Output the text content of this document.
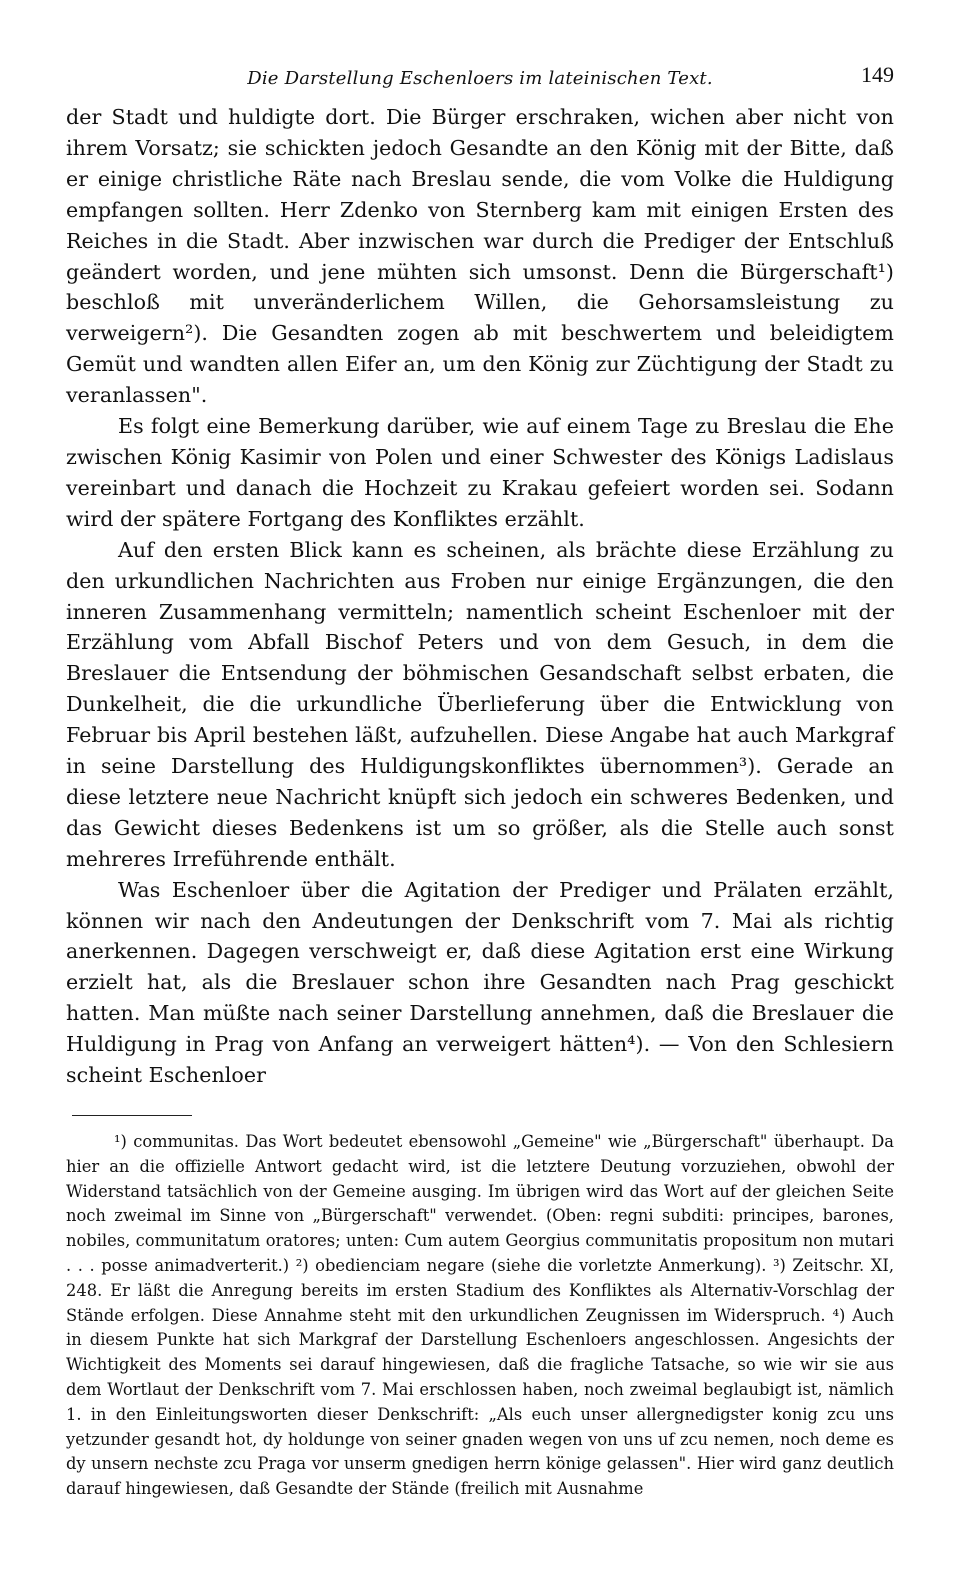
Die Darstellung Eschenloers im lateinischen Text.	149

der Stadt und huldigte dort. Die Bürger erschraken, wichen aber nicht von ihrem Vorsatz; sie schickten jedoch Gesandte an den König mit der Bitte, daß er einige christliche Räte nach Breslau sende, die vom Volke die Huldigung empfangen sollten. Herr Zdenko von Sternberg kam mit einigen Ersten des Reiches in die Stadt. Aber inzwischen war durch die Prediger der Entschluß geändert worden, und jene mühten sich umsonst. Denn die Bürgerschaft¹) beschloß mit unveränderlichem Willen, die Gehorsamsleistung zu verweigern²). Die Gesandten zogen ab mit beschwertem und beleidigtem Gemüt und wandten allen Eifer an, um den König zur Züchtigung der Stadt zu veranlassen".

Es folgt eine Bemerkung darüber, wie auf einem Tage zu Breslau die Ehe zwischen König Kasimir von Polen und einer Schwester des Königs Ladislaus vereinbart und danach die Hochzeit zu Krakau gefeiert worden sei. Sodann wird der spätere Fortgang des Konfliktes erzählt.

Auf den ersten Blick kann es scheinen, als brächte diese Erzählung zu den urkundlichen Nachrichten aus Froben nur einige Ergänzungen, die den inneren Zusammenhang vermitteln; namentlich scheint Eschenloer mit der Erzählung vom Abfall Bischof Peters und von dem Gesuch, in dem die Breslauer die Entsendung der böhmischen Gesandschaft selbst erbaten, die Dunkelheit, die die urkundliche Überlieferung über die Entwicklung von Februar bis April bestehen läßt, aufzuhellen. Diese Angabe hat auch Markgraf in seine Darstellung des Huldigungskonfliktes übernommen³). Gerade an diese letztere neue Nachricht knüpft sich jedoch ein schweres Bedenken, und das Gewicht dieses Bedenkens ist um so größer, als die Stelle auch sonst mehreres Irreführende enthält.

Was Eschenloer über die Agitation der Prediger und Prälaten erzählt, können wir nach den Andeutungen der Denkschrift vom 7. Mai als richtig anerkennen. Dagegen verschweigt er, daß diese Agitation erst eine Wirkung erzielt hat, als die Breslauer schon ihre Gesandten nach Prag geschickt hatten. Man müßte nach seiner Darstellung annehmen, daß die Breslauer die Huldigung in Prag von Anfang an verweigert hätten⁴). — Von den Schlesiern scheint Eschenloer

¹) communitas. Das Wort bedeutet ebensowohl „Gemeine" wie „Bürgerschaft" überhaupt. Da hier an die offizielle Antwort gedacht wird, ist die letztere Deutung vorzuziehen, obwohl der Widerstand tatsächlich von der Gemeine ausging. Im übrigen wird das Wort auf der gleichen Seite noch zweimal im Sinne von „Bürgerschaft" verwendet. (Oben: regni subditi: principes, barones, nobiles, communitatum oratores; unten: Cum autem Georgius communitatis propositum non mutari . . . posse animadverterit.) ²) obedienciam negare (siehe die vorletzte Anmerkung). ³) Zeitschr. XI, 248. Er läßt die Anregung bereits im ersten Stadium des Konfliktes als Alternativ-Vorschlag der Stände erfolgen. Diese Annahme steht mit den urkundlichen Zeugnissen im Widerspruch. ⁴) Auch in diesem Punkte hat sich Markgraf der Darstellung Eschenloers angeschlossen. Angesichts der Wichtigkeit des Moments sei darauf hingewiesen, daß die fragliche Tatsache, so wie wir sie aus dem Wortlaut der Denkschrift vom 7. Mai erschlossen haben, noch zweimal beglaubigt ist, nämlich 1. in den Einleitungsworten dieser Denkschrift: „Als euch unser allergnedigster konig zcu uns yetzunder gesandt hot, dy holdunge von seiner gnaden wegen von uns uf zcu nemen, noch deme es dy unsern nechste zcu Praga vor unserm gnedigen herrn könige gelassen". Hier wird ganz deutlich darauf hingewiesen, daß Gesandte der Stände (freilich mit Ausnahme
